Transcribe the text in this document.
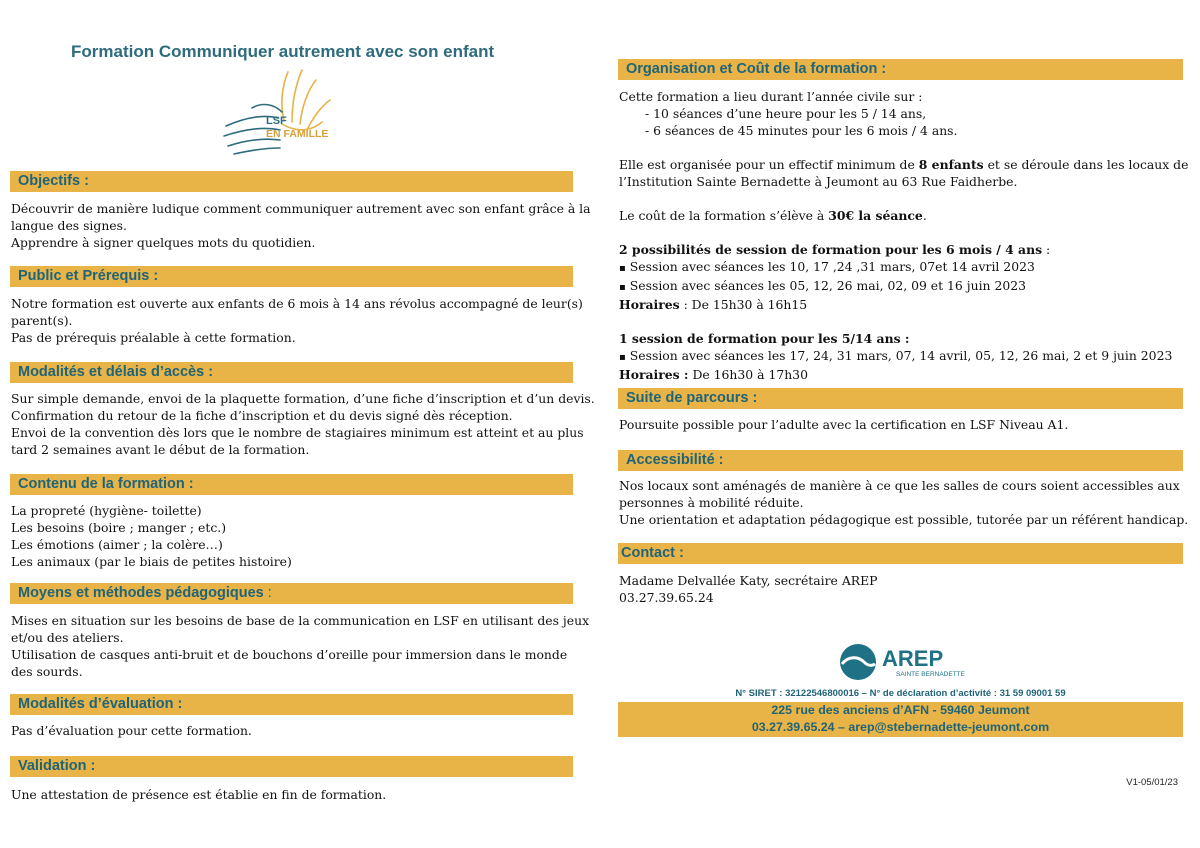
Formation Communiquer autrement avec son enfant
LSF
EN FAMILLE
Objectifs :

Découvrir de manière ludique comment communiquer autrement avec son enfant grâce à la

langue des signes.

Apprendre à signer quelques mots du quotidien.

Public et Prérequis :

Notre formation est ouverte aux enfants de 6 mois à 14 ans révolus accompagné de leur(s)

parent(s).

Pas de prérequis préalable à cette formation.

Modalités et délais d’accès :

Sur simple demande, envoi de la plaquette formation, d’une fiche d’inscription et d’un devis.

Confirmation du retour de la fiche d’inscription et du devis signé dès réception.

Envoi de la convention dès lors que le nombre de stagiaires minimum est atteint et au plus

tard 2 semaines avant le début de la formation.

Contenu de la formation :

La propreté (hygiène- toilette)

Les besoins (boire ; manger ; etc.)

Les émotions (aimer ; la colère…)

Les animaux (par le biais de petites histoire)

Moyens et méthodes pédagogiques :

Mises en situation sur les besoins de base de la communication en LSF en utilisant des jeux

et/ou des ateliers.

Utilisation de casques anti-bruit et de bouchons d’oreille pour immersion dans le monde

des sourds.

Modalités d’évaluation :

Pas d’évaluation pour cette formation.

Validation :

Une attestation de présence est établie en fin de formation.

Organisation et Coût de la formation :

Cette formation a lieu durant l’année civile sur :

- 10 séances d’une heure pour les 5 / 14 ans,

- 6 séances de 45 minutes pour les 6 mois / 4 ans.

Elle est organisée pour un effectif minimum de 8 enfants et se déroule dans les locaux de

l’Institution Sainte Bernadette à Jeumont au 63 Rue Faidherbe.

Le coût de la formation s’élève à 30€ la séance.

2 possibilités de session de formation pour les 6 mois / 4 ans :

▪ Session avec séances les 10, 17 ,24 ,31 mars, 07et 14 avril 2023

▪ Session avec séances les 05, 12, 26 mai, 02, 09 et 16 juin 2023

Horaires : De 15h30 à 16h15

1 session de formation pour les 5/14 ans :

▪ Session avec séances les 17, 24, 31 mars, 07, 14 avril, 05, 12, 26 mai, 2 et 9 juin 2023

Horaires : De 16h30 à 17h30

Suite de parcours :

Poursuite possible pour l’adulte avec la certification en LSF Niveau A1.

Accessibilité :

Nos locaux sont aménagés de manière à ce que les salles de cours soient accessibles aux

personnes à mobilité réduite.

Une orientation et adaptation pédagogique est possible, tutorée par un référent handicap.

Contact :

Madame Delvallée Katy, secrétaire AREP

03.27.39.65.24

AREP
SAINTE BERNADETTE
N° SIRET : 32122546800016 – N° de déclaration d’activité : 31 59 09001 59
225 rue des anciens d’AFN - 59460 Jeumont
03.27.39.65.24 – arep@stebernadette-jeumont.com
V1-05/01/23
